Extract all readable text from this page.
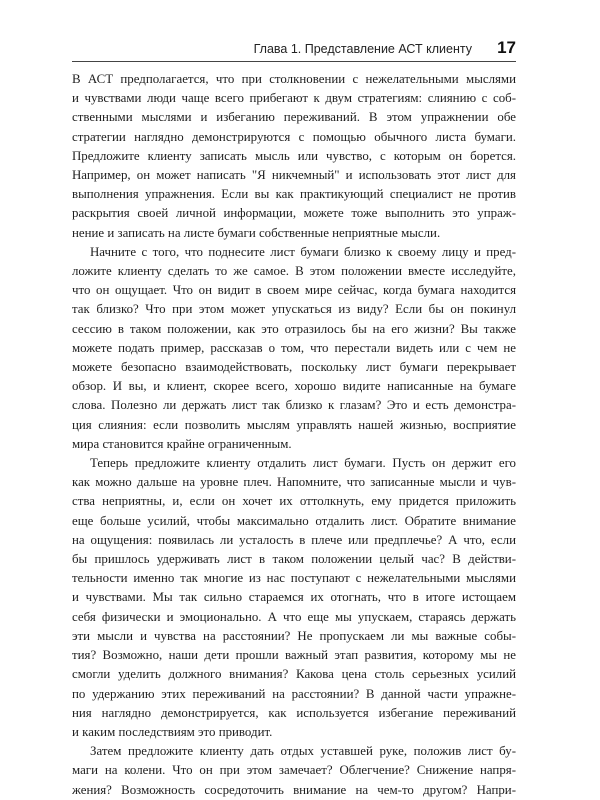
Глава 1. Представление АСТ клиенту 17
В АСТ предполагается, что при столкновении с нежелательными мыслями
и чувствами люди чаще всего прибегают к двум стратегиям: слиянию с соб-
ственными мыслями и избеганию переживаний. В этом упражнении обе
стратегии наглядно демонстрируются с помощью обычного листа бумаги.
Предложите клиенту записать мысль или чувство, с которым он борется.
Например, он может написать "Я никчемный" и использовать этот лист для
выполнения упражнения. Если вы как практикующий специалист не против
раскрытия своей личной информации, можете тоже выполнить это упраж-
нение и записать на листе бумаги собственные неприятные мысли.
Начните с того, что поднесите лист бумаги близко к своему лицу и пред-
ложите клиенту сделать то же самое. В этом положении вместе исследуйте,
что он ощущает. Что он видит в своем мире сейчас, когда бумага находится
так близко? Что при этом может упускаться из виду? Если бы он покинул
сессию в таком положении, как это отразилось бы на его жизни? Вы также
можете подать пример, рассказав о том, что перестали видеть или с чем не
можете безопасно взаимодействовать, поскольку лист бумаги перекрывает
обзор. И вы, и клиент, скорее всего, хорошо видите написанные на бумаге
слова. Полезно ли держать лист так близко к глазам? Это и есть демонстра-
ция слияния: если позволить мыслям управлять нашей жизнью, восприятие
мира становится крайне ограниченным.
Теперь предложите клиенту отдалить лист бумаги. Пусть он держит его
как можно дальше на уровне плеч. Напомните, что записанные мысли и чув-
ства неприятны, и, если он хочет их оттолкнуть, ему придется приложить
еще больше усилий, чтобы максимально отдалить лист. Обратите внимание
на ощущения: появилась ли усталость в плече или предплечье? А что, если
бы пришлось удерживать лист в таком положении целый час? В действи-
тельности именно так многие из нас поступают с нежелательными мыслями
и чувствами. Мы так сильно стараемся их отогнать, что в итоге истощаем
себя физически и эмоционально. А что еще мы упускаем, стараясь держать
эти мысли и чувства на расстоянии? Не пропускаем ли мы важные собы-
тия? Возможно, наши дети прошли важный этап развития, которому мы не
смогли уделить должного внимания? Какова цена столь серьезных усилий
по удержанию этих переживаний на расстоянии? В данной части упражне-
ния наглядно демонстрируется, как используется избегание переживаний
и каким последствиям это приводит.
Затем предложите клиенту дать отдых уставшей руке, положив лист бу-
маги на колени. Что он при этом замечает? Облегчение? Снижение напря-
жения? Возможность сосредоточить внимание на чем-то другом? Напри-
